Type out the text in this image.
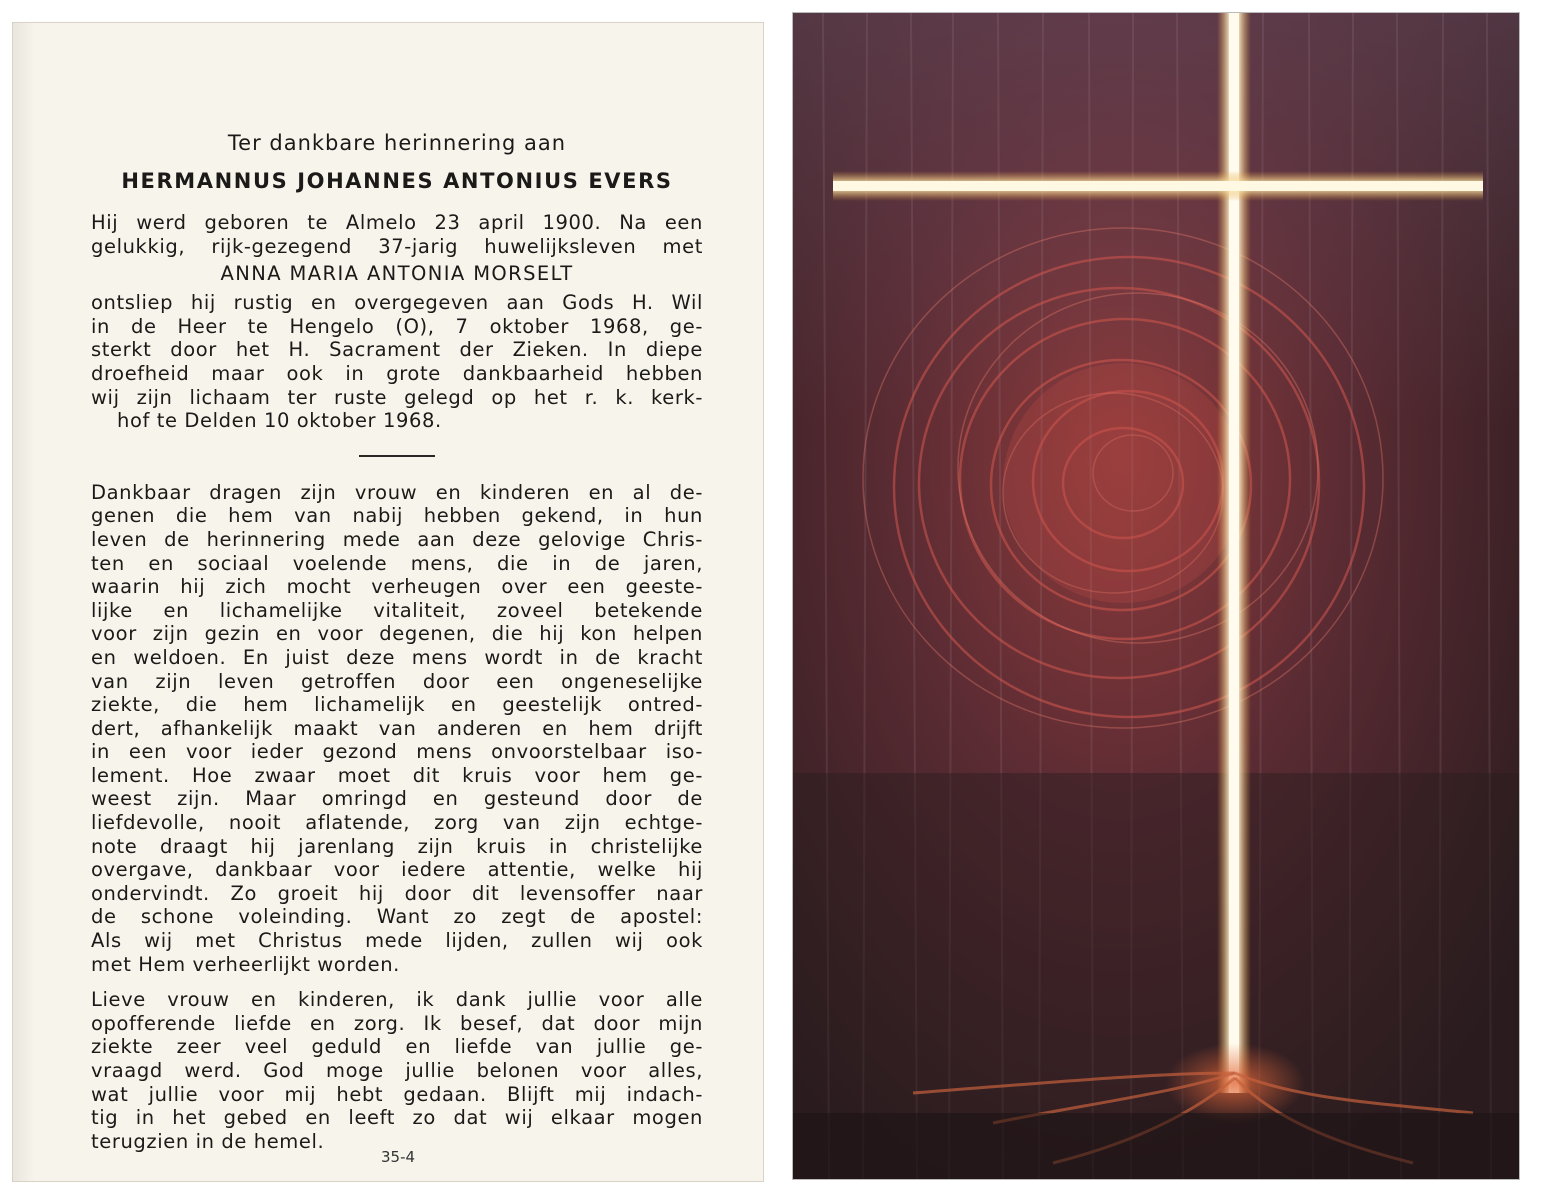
Ter dankbare herinnering aan

HERMANNUS JOHANNES ANTONIUS EVERS

Hij werd geboren te Almelo 23 april 1900. Na een
gelukkig, rijk-gezegend 37-jarig huwelijksleven met

ANNA MARIA ANTONIA MORSELT

ontsliep hij rustig en overgegeven aan Gods H. Wil
in de Heer te Hengelo (O), 7 oktober 1968, ge-
sterkt door het H. Sacrament der Zieken. In diepe
droefheid maar ook in grote dankbaarheid hebben
wij zijn lichaam ter ruste gelegd op het r. k. kerk-
hof te Delden 10 oktober 1968.

Dankbaar dragen zijn vrouw en kinderen en al de-
genen die hem van nabij hebben gekend, in hun
leven de herinnering mede aan deze gelovige Chris-
ten en sociaal voelende mens, die in de jaren,
waarin hij zich mocht verheugen over een geeste-
lijke en lichamelijke vitaliteit, zoveel betekende
voor zijn gezin en voor degenen, die hij kon helpen
en weldoen. En juist deze mens wordt in de kracht
van zijn leven getroffen door een ongeneselijke
ziekte, die hem lichamelijk en geestelijk ontred-
dert, afhankelijk maakt van anderen en hem drijft
in een voor ieder gezond mens onvoorstelbaar iso-
lement. Hoe zwaar moet dit kruis voor hem ge-
weest zijn. Maar omringd en gesteund door de
liefdevolle, nooit aflatende, zorg van zijn echtge-
note draagt hij jarenlang zijn kruis in christelijke
overgave, dankbaar voor iedere attentie, welke hij
ondervindt. Zo groeit hij door dit levensoffer naar
de schone voleinding. Want zo zegt de apostel:
Als wij met Christus mede lijden, zullen wij ook
met Hem verheerlijkt worden.

Lieve vrouw en kinderen, ik dank jullie voor alle
opofferende liefde en zorg. Ik besef, dat door mijn
ziekte zeer veel geduld en liefde van jullie ge-
vraagd werd. God moge jullie belonen voor alles,
wat jullie voor mij hebt gedaan. Blijft mij indach-
tig in het gebed en leeft zo dat wij elkaar mogen
terugzien in de hemel.

35-4
